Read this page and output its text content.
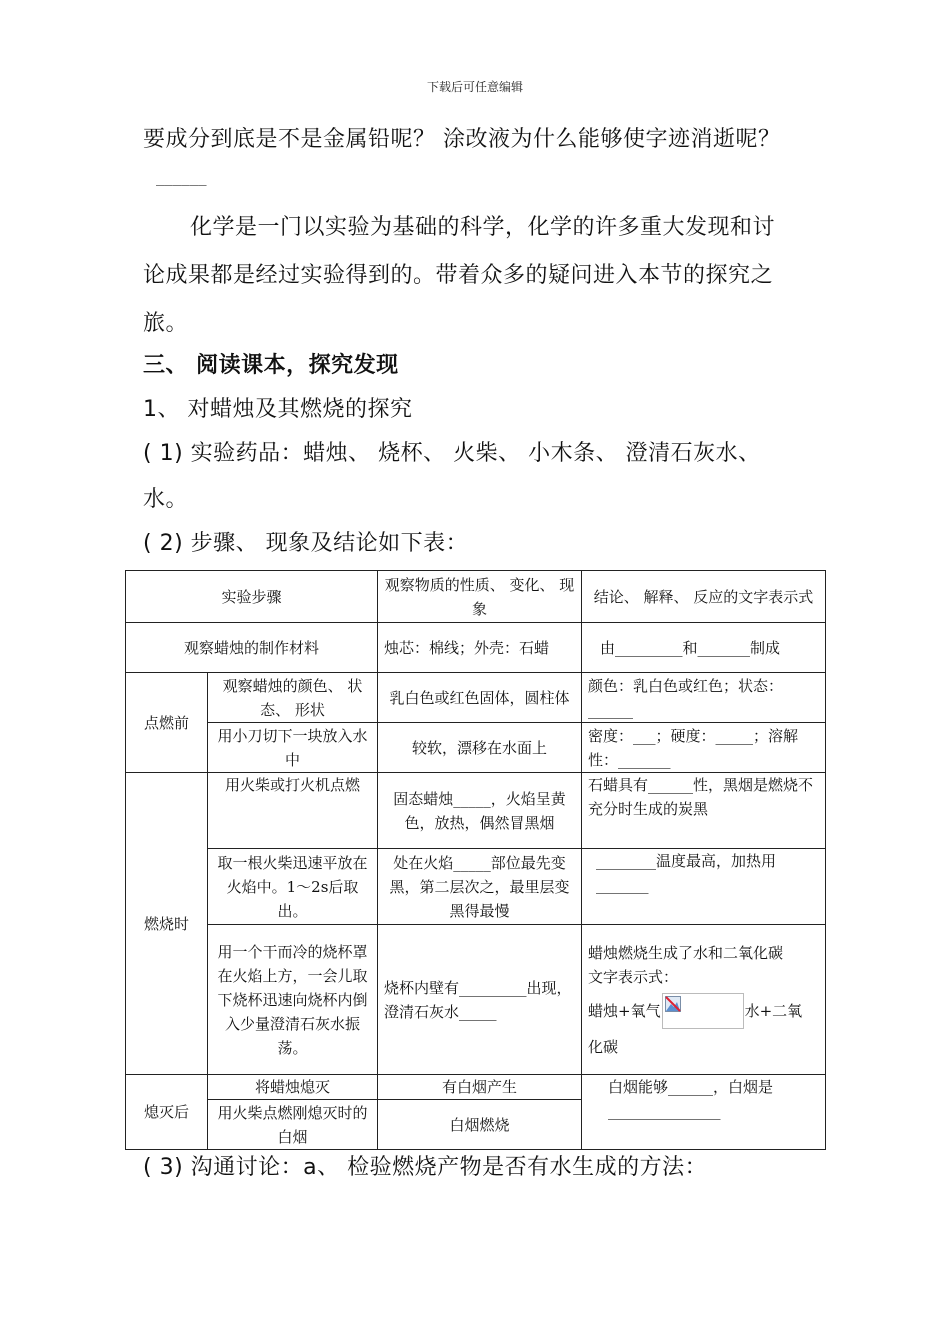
下载后可任意编辑
要成分到底是不是金属铅呢？ 涂改液为什么能够使字迹消逝呢？
______
化学是一门以实验为基础的科学，化学的许多重大发现和讨
论成果都是经过实验得到的。带着众多的疑问进入本节的探究之
旅。
三、 阅读课本，探究发现
1、 对蜡烛及其燃烧的探究
( 1) 实验药品：蜡烛、 烧杯、 火柴、 小木条、 澄清石灰水、
水。
( 2) 步骤、 现象及结论如下表：
实验步骤		观察物质的性质、 变化、 现象	结论、 解释、 反应的文字表示式
观察蜡烛的制作材料		烛芯：棉线；外壳：石蜡	由_________和_______制成
点燃前	观察蜡烛的颜色、 状态、 形状	乳白色或红色固体，圆柱体	颜色：乳白色或红色；状态：______
	用小刀切下一块放入水中	较软，漂移在水面上	密度：___；硬度：_____；溶解性：_______
燃烧时	用火柴或打火机点燃	固态蜡烛_____，火焰呈黄色，放热，偶然冒黑烟	石蜡具有______性，黑烟是燃烧不充分时生成的炭黑
	取一根火柴迅速平放在火焰中。1～2s后取出。	处在火焰_____部位最先变黑，第二层次之，最里层变黑得最慢	________温度最高，加热用_______
	用一个干而冷的烧杯罩在火焰上方，一会儿取下烧杯迅速向烧杯内倒入少量澄清石灰水振荡。	烧杯内壁有_________出现，澄清石灰水_____	蜡烛燃烧生成了水和二氧化碳
文字表示式：
蜡烛+氧气 水+二氧
化碳

熄灭后	将蜡烛熄灭	有白烟产生	白烟能够______，白烟是_______________
	用火柴点燃刚熄灭时的白烟	白烟燃烧	
( 3) 沟通讨论：a、 检验燃烧产物是否有水生成的方法：
